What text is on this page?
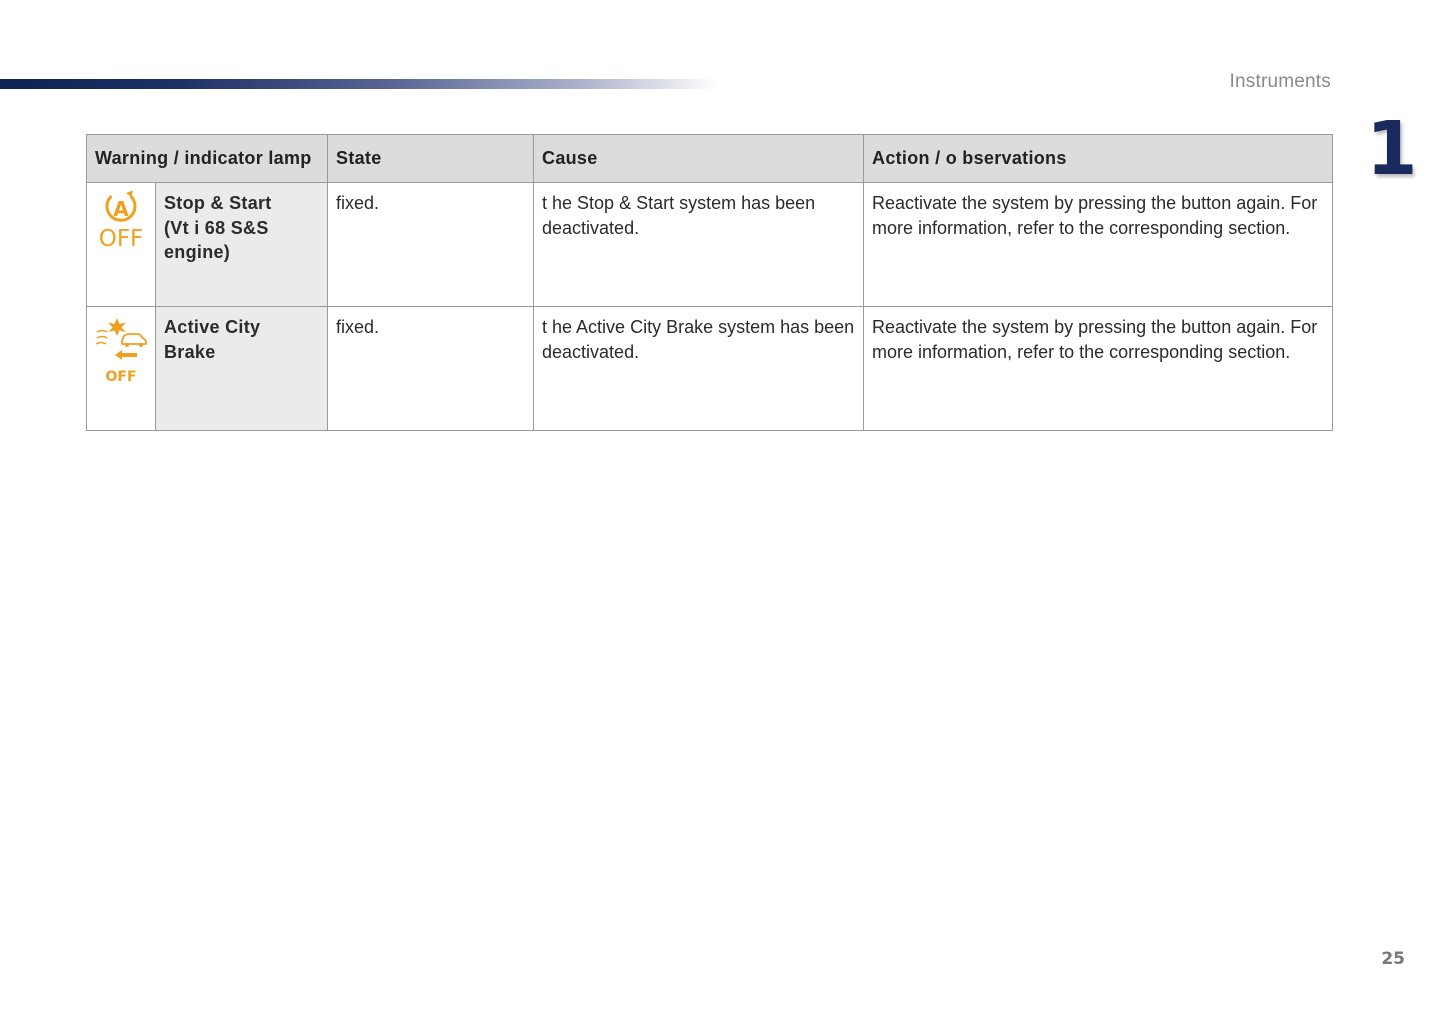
Instruments
1
Warning / indicator lamp		State	Cause	Action / o bservations

A
OFF	Stop & Start
(Vt i 68 S&S
engine)	fixed.	t he Stop & Start system has been deactivated.	Reactivate the system by pressing the button again. For more information, refer to the corresponding section.

OFF	Active City
Brake	fixed.	t he Active City Brake system has been deactivated.	Reactivate the system by pressing the button again. For more information, refer to the corresponding section.
25
